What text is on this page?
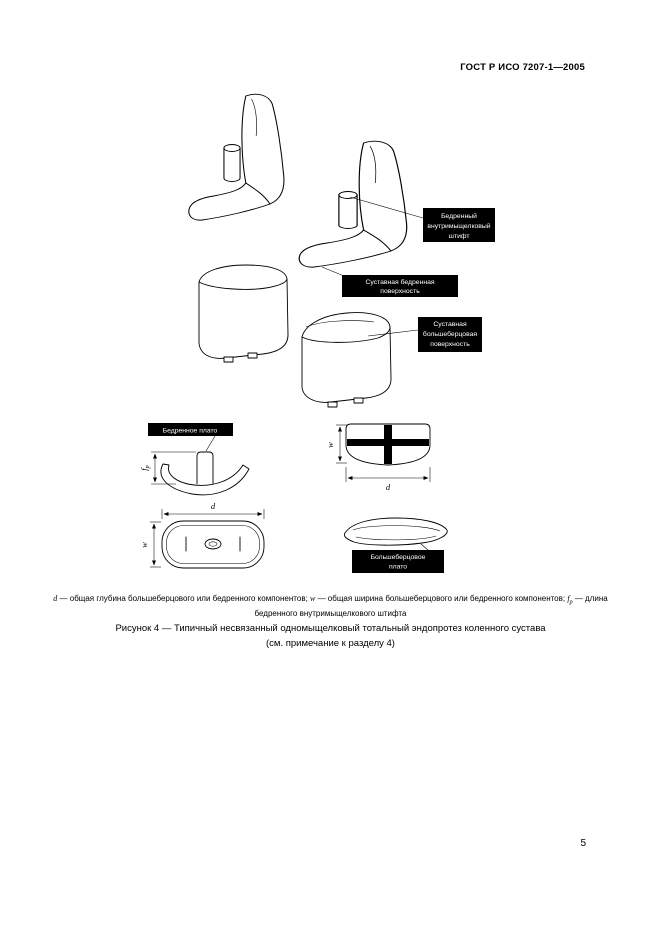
ГОСТ Р ИСО 7207-1—2005
Бедренный
внутримыщелковый
штифт
Суставная бедренная
поверхность
Суставная
большеберцовая
поверхность
Бедренное плато
$f_p$
w
d
d
w
Большеберцовое
плато

d — общая глубина большеберцового или бедренного компонентов; w — общая ширина большеберцового или бедренного компонентов; $f_p$ — длина бедренного внутримыщелкового штифта

Рисунок 4 — Типичный несвязанный одномыщелковый тотальный эндопротез коленного сустава
(см. примечание к разделу 4)
5
